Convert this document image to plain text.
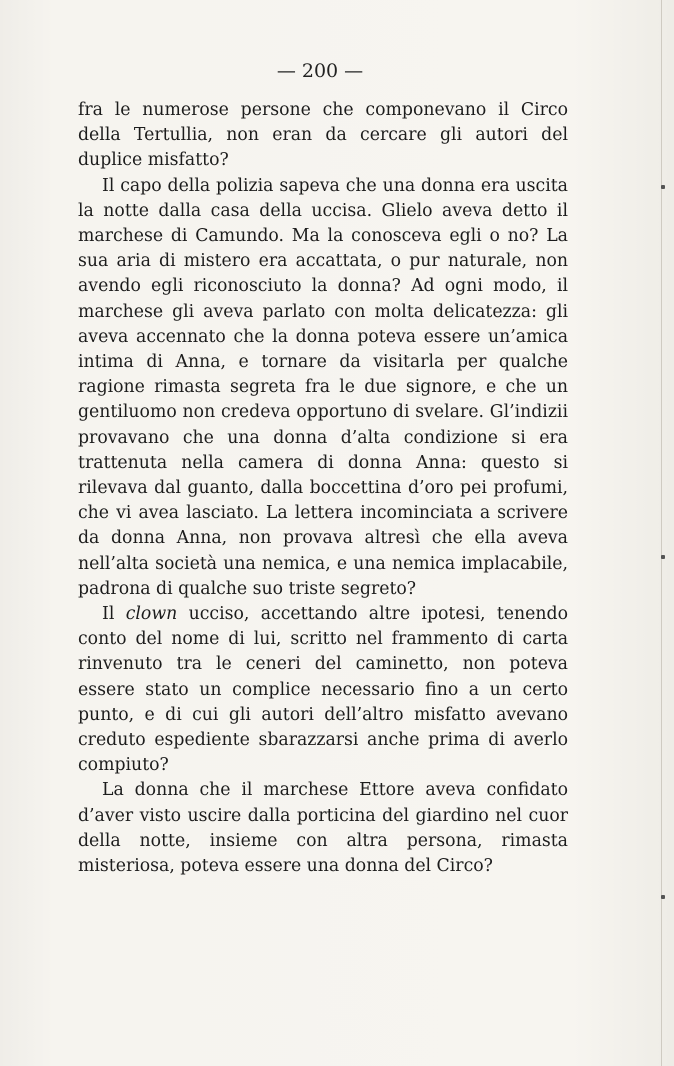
— 200 —

fra le numerose persone che componevano il Circo della Tertullia, non eran da cercare gli autori del duplice misfatto?

Il capo della polizia sapeva che una donna era uscita la notte dalla casa della uccisa. Glielo aveva detto il marchese di Camundo. Ma la conosceva egli o no? La sua aria di mistero era accattata, o pur naturale, non avendo egli riconosciuto la donna? Ad ogni modo, il marchese gli aveva parlato con molta delicatezza: gli aveva accennato che la donna poteva essere un’amica intima di Anna, e tornare da visitarla per qualche ragione rimasta segreta fra le due signore, e che un gentiluomo non credeva opportuno di svelare. Gl’indizii provavano che una donna d’alta condizione si era trattenuta nella camera di donna Anna: questo si rilevava dal guanto, dalla boccettina d’oro pei profumi, che vi avea lasciato. La lettera incominciata a scrivere da donna Anna, non provava altresì che ella aveva nell’alta società una nemica, e una nemica implacabile, padrona di qualche suo triste segreto?

Il clown ucciso, accettando altre ipotesi, tenendo conto del nome di lui, scritto nel frammento di carta rinvenuto tra le ceneri del caminetto, non poteva essere stato un complice necessario fino a un certo punto, e di cui gli autori dell’altro misfatto avevano creduto espediente sbarazzarsi anche prima di averlo compiuto?

La donna che il marchese Ettore aveva confidato d’aver visto uscire dalla porticina del giardino nel cuor della notte, insieme con altra persona, rimasta misteriosa, poteva essere una donna del Circo?
